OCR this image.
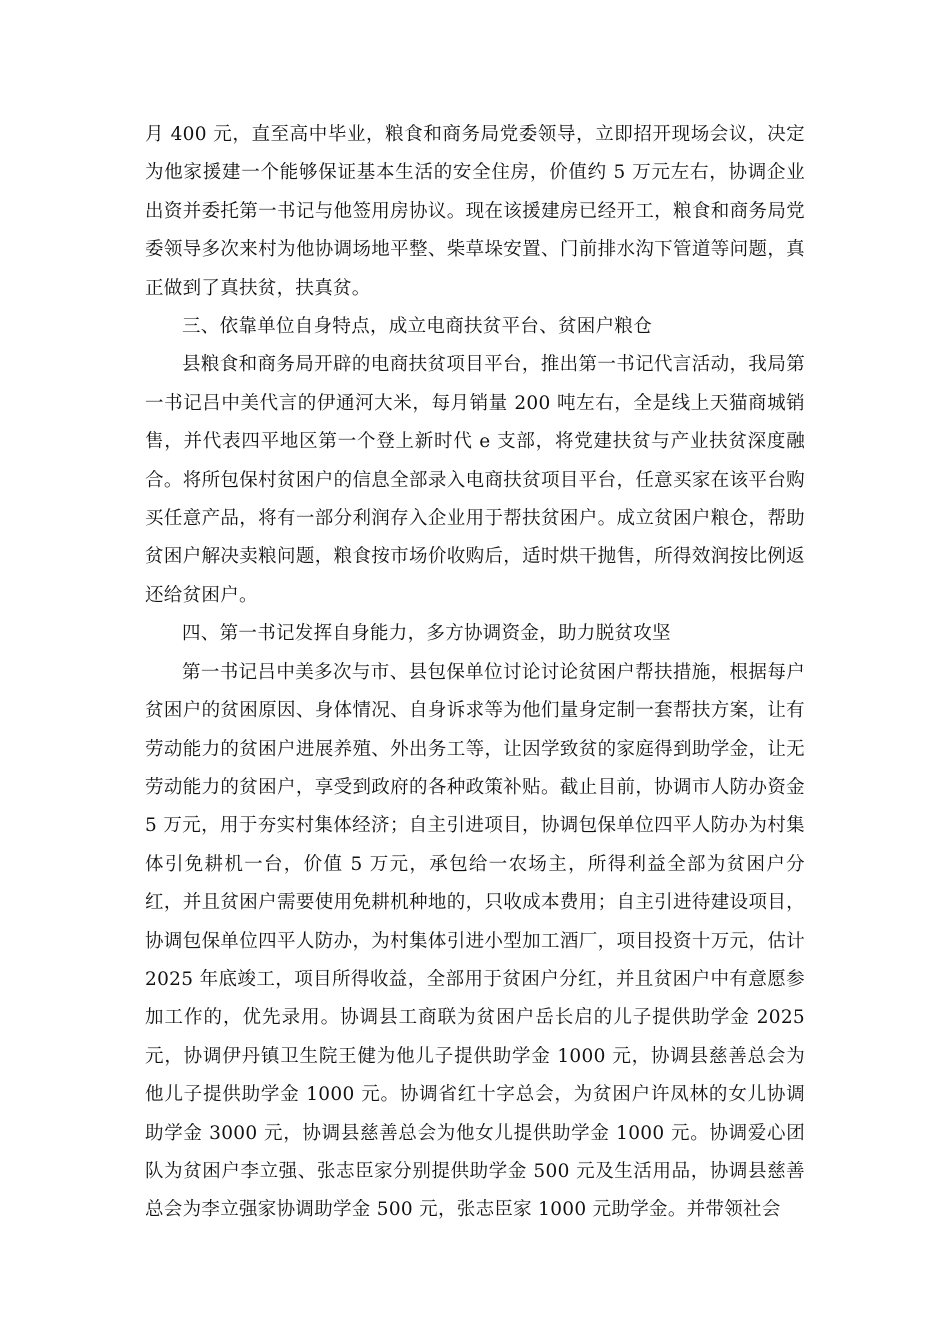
月 400 元，直至高中毕业，粮食和商务局党委领导，立即招开现场会议，决定为他家援建一个能够保证基本生活的安全住房，价值约 5 万元左右，协调企业出资并委托第一书记与他签用房协议。现在该援建房已经开工，粮食和商务局党委领导多次来村为他协调场地平整、柴草垛安置、门前排水沟下管道等问题，真正做到了真扶贫，扶真贫。

三、依靠单位自身特点，成立电商扶贫平台、贫困户粮仓

县粮食和商务局开辟的电商扶贫项目平台，推出第一书记代言活动，我局第一书记吕中美代言的伊通河大米，每月销量 200 吨左右，全是线上天猫商城销售，并代表四平地区第一个登上新时代 e 支部，将党建扶贫与产业扶贫深度融合。将所包保村贫困户的信息全部录入电商扶贫项目平台，任意买家在该平台购买任意产品，将有一部分利润存入企业用于帮扶贫困户。成立贫困户粮仓，帮助贫困户解决卖粮问题，粮食按市场价收购后，适时烘干抛售，所得效润按比例返还给贫困户。

四、第一书记发挥自身能力，多方协调资金，助力脱贫攻坚

第一书记吕中美多次与市、县包保单位讨论讨论贫困户帮扶措施，根据每户贫困户的贫困原因、身体情况、自身诉求等为他们量身定制一套帮扶方案，让有劳动能力的贫困户进展养殖、外出务工等，让因学致贫的家庭得到助学金，让无劳动能力的贫困户，享受到政府的各种政策补贴。截止目前，协调市人防办资金 5 万元，用于夯实村集体经济；自主引进项目，协调包保单位四平人防办为村集体引免耕机一台，价值 5 万元，承包给一农场主，所得利益全部为贫困户分红，并且贫困户需要使用免耕机种地的，只收成本费用；自主引进待建设项目，协调包保单位四平人防办，为村集体引进小型加工酒厂，项目投资十万元，估计 2025 年底竣工，项目所得收益，全部用于贫困户分红，并且贫困户中有意愿参加工作的，优先录用。协调县工商联为贫困户岳长启的儿子提供助学金 2025 元，协调伊丹镇卫生院王健为他儿子提供助学金 1000 元，协调县慈善总会为他儿子提供助学金 1000 元。协调省红十字总会，为贫困户许凤林的女儿协调助学金 3000 元，协调县慈善总会为他女儿提供助学金 1000 元。协调爱心团队为贫困户李立强、张志臣家分别提供助学金 500 元及生活用品，协调县慈善总会为李立强家协调助学金 500 元，张志臣家 1000 元助学金。并带领社会
